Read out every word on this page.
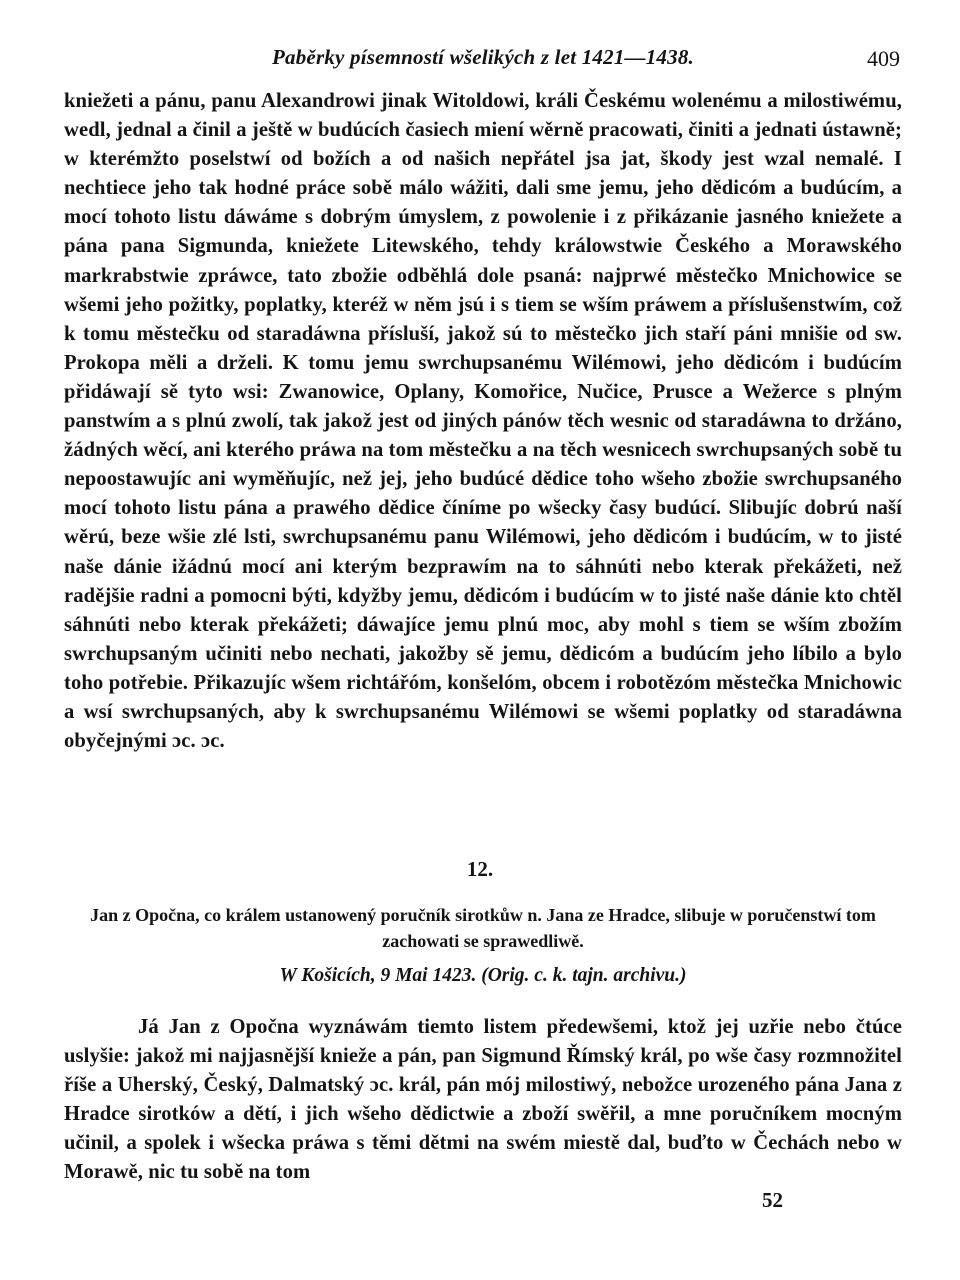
Paběrky písemností wšelikých z let 1421—1438.	409

kniežeti a pánu, panu Alexandrowi jinak Witoldowi, králi Českému wolenému a milostiwému, wedl, jednal a činil a ještě w budúcích časiech miení wěrně pracowati, činiti a jednati ústawně; w kterémžto poselstwí od božích a od našich nepřátel jsa jat, škody jest wzal nemalé. I nechtiece jeho tak hodné práce sobě málo wážiti, dali sme jemu, jeho dědicóm a budúcím, a mocí tohoto listu dáwáme s dobrým úmyslem, z powolenie i z přikázanie jasného kniežete a pána pana Sigmunda, kniežete Litewského, tehdy králowstwie Českého a Morawského markrabstwie zpráwce, tato zbožie odběhlá dole psaná: najprwé městečko Mnichowice se wšemi jeho požitky, poplatky, kteréž w něm jsú i s tiem se wším práwem a příslušenstwím, což k tomu městečku od staradáwna přísluší, jakož sú to městečko jich staří páni mnišie od sw. Prokopa měli a drželi. K tomu jemu swrchupsanému Wilémowi, jeho dědicóm i budúcím přidáwají sě tyto wsi: Zwanowice, Oplany, Komořice, Nučice, Prusce a Wežerce s plným panstwím a s plnú zwolí, tak jakož jest od jiných pánów těch wesnic od staradáwna to držáno, žádných wěcí, ani kterého práwa na tom městečku a na těch wesnicech swrchupsaných sobě tu nepoostawujíc ani wyměňujíc, než jej, jeho budúcé dědice toho wšeho zbožie swrchupsaného mocí tohoto listu pána a prawého dědice číníme po wšecky časy budúcí. Slibujíc dobrú naší wěrú, beze wšie zlé lsti, swrchupsanému panu Wilémowi, jeho dědicóm i budúcím, w to jisté naše dánie ižádnú mocí ani kterým bezprawím na to sáhnúti nebo kterak překážeti, než radějšie radni a pomocni býti, kdyžby jemu, dědicóm i budúcím w to jisté naše dánie kto chtěl sáhnúti nebo kterak překážeti; dáwajíce jemu plnú moc, aby mohl s tiem se wším zbožím swrchupsaným učiniti nebo nechati, jakožby sě jemu, dědicóm a budúcím jeho líbilo a bylo toho potřebie. Přikazujíc wšem richtářóm, konšelóm, obcem i robotězóm městečka Mnichowic a wsí swrchupsaných, aby k swrchupsanému Wilémowi se wšemi poplatky od staradáwna obyčejnými ɔc. ɔc.

12.
Jan z Opočna, co králem ustanowený poručník sirotkůw n. Jana ze Hradce, slibuje w poručenstwí tom zachowati se sprawedliwě.
W Košicích, 9 Mai 1423. (Orig. c. k. tajn. archivu.)

Já Jan z Opočna wyznáwám tiemto listem předewšemi, ktož jej uzřie nebo čtúce uslyšie: jakož mi najjasnější knieže a pán, pan Sigmund Římský král, po wše časy rozmnožitel říše a Uherský, Český, Dalmatský ɔc. král, pán mój milostiwý, nebožce urozeného pána Jana z Hradce sirotków a dětí, i jich wšeho dědictwie a zboží swěřil, a mne poručníkem mocným učinil, a spolek i wšecka práwa s těmi dětmi na swém miestě dal, buďto w Čechách nebo w Morawě, nic tu sobě na tom

52
